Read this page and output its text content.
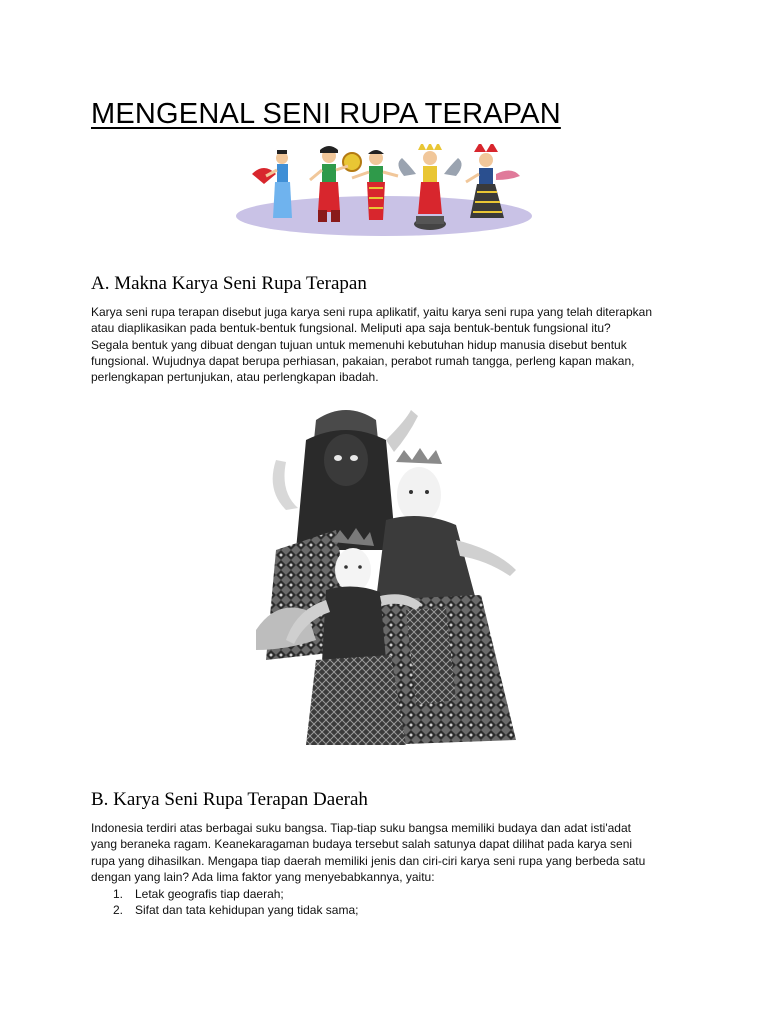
MENGENAL SENI RUPA TERAPAN
A. Makna Karya Seni Rupa Terapan

Karya seni rupa terapan disebut juga karya seni rupa aplikatif, yaitu karya seni rupa yang telah diterapkan
atau diaplikasikan pada bentuk-bentuk fungsional. Meliputi apa saja bentuk-bentuk fungsional itu?
Segala bentuk yang dibuat dengan tujuan untuk memenuhi kebutuhan hidup manusia disebut bentuk
fungsional. Wujudnya dapat berupa perhiasan, pakaian, perabot rumah tangga, perleng kapan makan,
perlengkapan pertunjukan, atau perlengkapan ibadah.

B. Karya Seni Rupa Terapan Daerah

Indonesia terdiri atas berbagai suku bangsa. Tiap-tiap suku bangsa memiliki budaya dan adat isti'adat
yang beraneka ragam. Keanekaragaman budaya tersebut salah satunya dapat dilihat pada karya seni
rupa yang dihasilkan. Mengapa tiap daerah memiliki jenis dan ciri-ciri karya seni rupa yang berbeda satu
dengan yang lain? Ada lima faktor yang menyebabkannya, yaitu:

1. Letak geografis tiap daerah;
2. Sifat dan tata kehidupan yang tidak sama;
